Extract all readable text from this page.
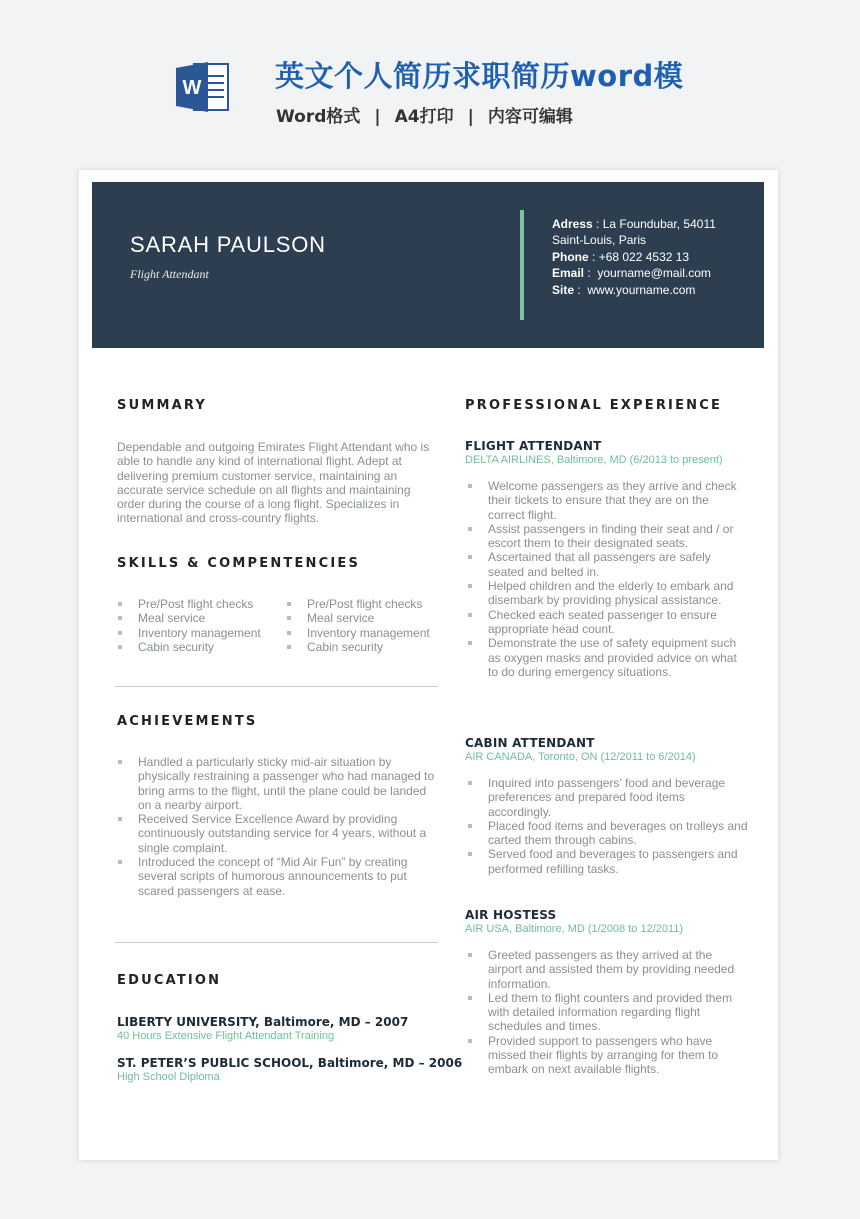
W	英文个人简历求职简历word模
Word格式 | A4打印 | 内容可编辑
SARAH PAULSON
Flight Attendant
Adress : La Foundubar, 54011
Saint-Louis, Paris
Phone : +68 022 4532 13
Email :  yourname@mail.com
Site :  www.yourname.com
SUMMARY
Dependable and outgoing Emirates Flight Attendant who is
able to handle any kind of international flight. Adept at
delivering premium customer service, maintaining an
accurate service schedule on all flights and maintaining
order during the course of a long flight. Specializes in
international and cross-country flights.
SKILLS & COMPENTENCIES
Pre/Post flight checks
Meal service
Inventory management
Cabin security
Pre/Post flight checks
Meal service
Inventory management
Cabin security
ACHIEVEMENTS
Handled a particularly sticky mid-air situation by
physically restraining a passenger who had managed to
bring arms to the flight, until the plane could be landed
on a nearby airport.
Received Service Excellence Award by providing
continuously outstanding service for 4 years, without a
single complaint.
Introduced the concept of “Mid Air Fun” by creating
several scripts of humorous announcements to put
scared passengers at ease.
EDUCATION
LIBERTY UNIVERSITY, Baltimore, MD – 2007
40 Hours Extensive Flight Attendant Training
ST. PETER’S PUBLIC SCHOOL, Baltimore, MD – 2006
High School Diploma
PROFESSIONAL EXPERIENCE
FLIGHT ATTENDANT
DELTA AIRLINES, Baltimore, MD (6/2013 to present)
Welcome passengers as they arrive and check
their tickets to ensure that they are on the
correct flight.
Assist passengers in finding their seat and / or
escort them to their designated seats.
Ascertained that all passengers are safely
seated and belted in.
Helped children and the elderly to embark and
disembark by providing physical assistance.
Checked each seated passenger to ensure
appropriate head count.
Demonstrate the use of safety equipment such
as oxygen masks and provided advice on what
to do during emergency situations.
CABIN ATTENDANT
AIR CANADA, Toronto, ON (12/2011 to 6/2014)
Inquired into passengers’ food and beverage
preferences and prepared food items
accordingly.
Placed food items and beverages on trolleys and
carted them through cabins.
Served food and beverages to passengers and
performed refilling tasks.
AIR HOSTESS
AIR USA, Baltimore, MD (1/2008 to 12/2011)
Greeted passengers as they arrived at the
airport and assisted them by providing needed
information.
Led them to flight counters and provided them
with detailed information regarding flight
schedules and times.
Provided support to passengers who have
missed their flights by arranging for them to
embark on next available flights.
